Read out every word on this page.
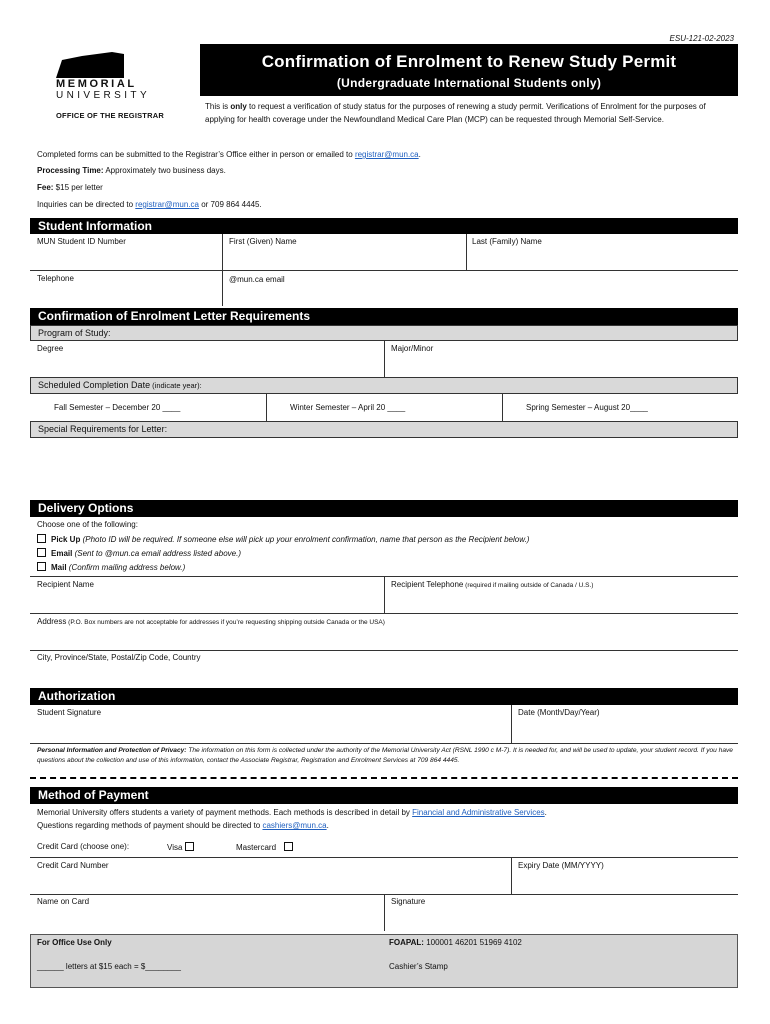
ESU-121-02-2023
MEMORIAL
UNIVERSITY
OFFICE OF THE REGISTRAR
Confirmation of Enrolment to Renew Study Permit
(Undergraduate International Students only)
This is only to request a verification of study status for the purposes of renewing a study permit. Verifications of Enrolment for the purposes of applying for health coverage under the Newfoundland Medical Care Plan (MCP) can be requested through Memorial Self-Service.
Completed forms can be submitted to the Registrar’s Office either in person or emailed to registrar@mun.ca.
Processing Time: Approximately two business days.
Fee: $15 per letter
Inquiries can be directed to registrar@mun.ca or 709 864 4445.
Student Information
MUN Student ID Number	First (Given) Name	Last (Family) Name
Telephone	@mun.ca email
Confirmation of Enrolment Letter Requirements
Program of Study:
Degree	Major/Minor
Scheduled Completion Date (indicate year):
Fall Semester – December 20 ____	Winter Semester – April 20 ____	Spring Semester – August 20____
Special Requirements for Letter:
Delivery Options
Choose one of the following:
Pick Up (Photo ID will be required. If someone else will pick up your enrolment confirmation, name that person as the Recipient below.)
Email (Sent to @mun.ca email address listed above.)
Mail (Confirm mailing address below.)
Recipient Name	Recipient Telephone (required if mailing outside of Canada / U.S.)
Address (P.O. Box numbers are not acceptable for addresses if you’re requesting shipping outside Canada or the USA)
City, Province/State, Postal/Zip Code, Country
Authorization
Student Signature	Date (Month/Day/Year)
Personal Information and Protection of Privacy: The information on this form is collected under the authority of the Memorial University Act (RSNL 1990 c M-7). It is needed for, and will be used to update, your student record. If you have questions about the collection and use of this information, contact the Associate Registrar, Registration and Enrolment Services at 709 864 4445.
Method of Payment
Memorial University offers students a variety of payment methods. Each methods is described in detail by Financial and Administrative Services.
Questions regarding methods of payment should be directed to cashiers@mun.ca.
Credit Card (choose one):	Visa	Mastercard
Credit Card Number	Expiry Date (MM/YYYY)
Name on Card	Signature
For Office Use Only	FOAPAL: 100001 46201 51969 4102
______ letters at $15 each = $________	Cashier’s Stamp
